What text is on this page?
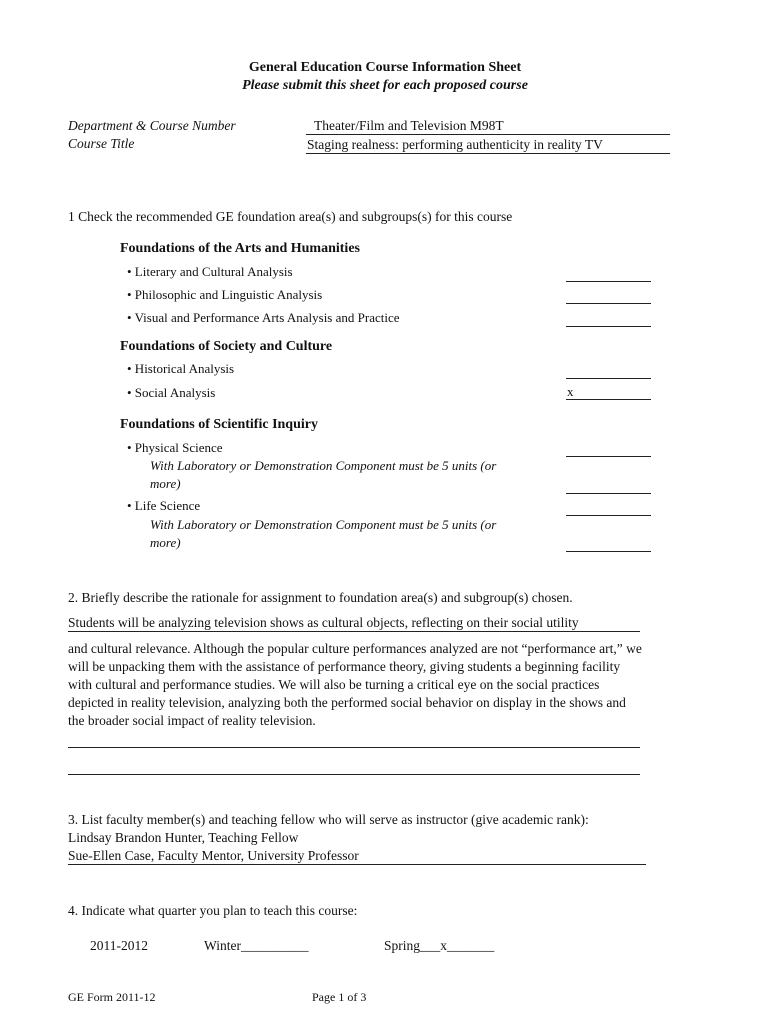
General Education Course Information Sheet
Please submit this sheet for each proposed course
Department & Course Number	Theater/Film and Television M98T
Course Title	Staging realness: performing authenticity in reality TV
1 Check the recommended GE foundation area(s) and subgroups(s) for this course
Foundations of the Arts and Humanities
• Literary and Cultural Analysis
• Philosophic and Linguistic Analysis
• Visual and Performance Arts Analysis and Practice
Foundations of Society and Culture
• Historical Analysis
• Social Analysis	x
Foundations of Scientific Inquiry
• Physical Science
With Laboratory or Demonstration Component must be 5 units (or
more)
• Life Science
With Laboratory or Demonstration Component must be 5 units (or
more)
2. Briefly describe the rationale for assignment to foundation area(s) and subgroup(s) chosen.
Students will be analyzing television shows as cultural objects, reflecting on their social utility
and cultural relevance. Although the popular culture performances analyzed are not “performance art,” we will be unpacking them with the assistance of performance theory, giving students a beginning facility with cultural and performance studies. We will also be turning a critical eye on the social practices depicted in reality television, analyzing both the performed social behavior on display in the shows and the broader social impact of reality television.
3. List faculty member(s) and teaching fellow who will serve as instructor (give academic rank):
Lindsay Brandon Hunter, Teaching Fellow
Sue-Ellen Case, Faculty Mentor, University Professor
4. Indicate what quarter you plan to teach this course:
2011-2012	Winter__________	Spring___x_______
GE Form 2011-12	Page 1 of 3
